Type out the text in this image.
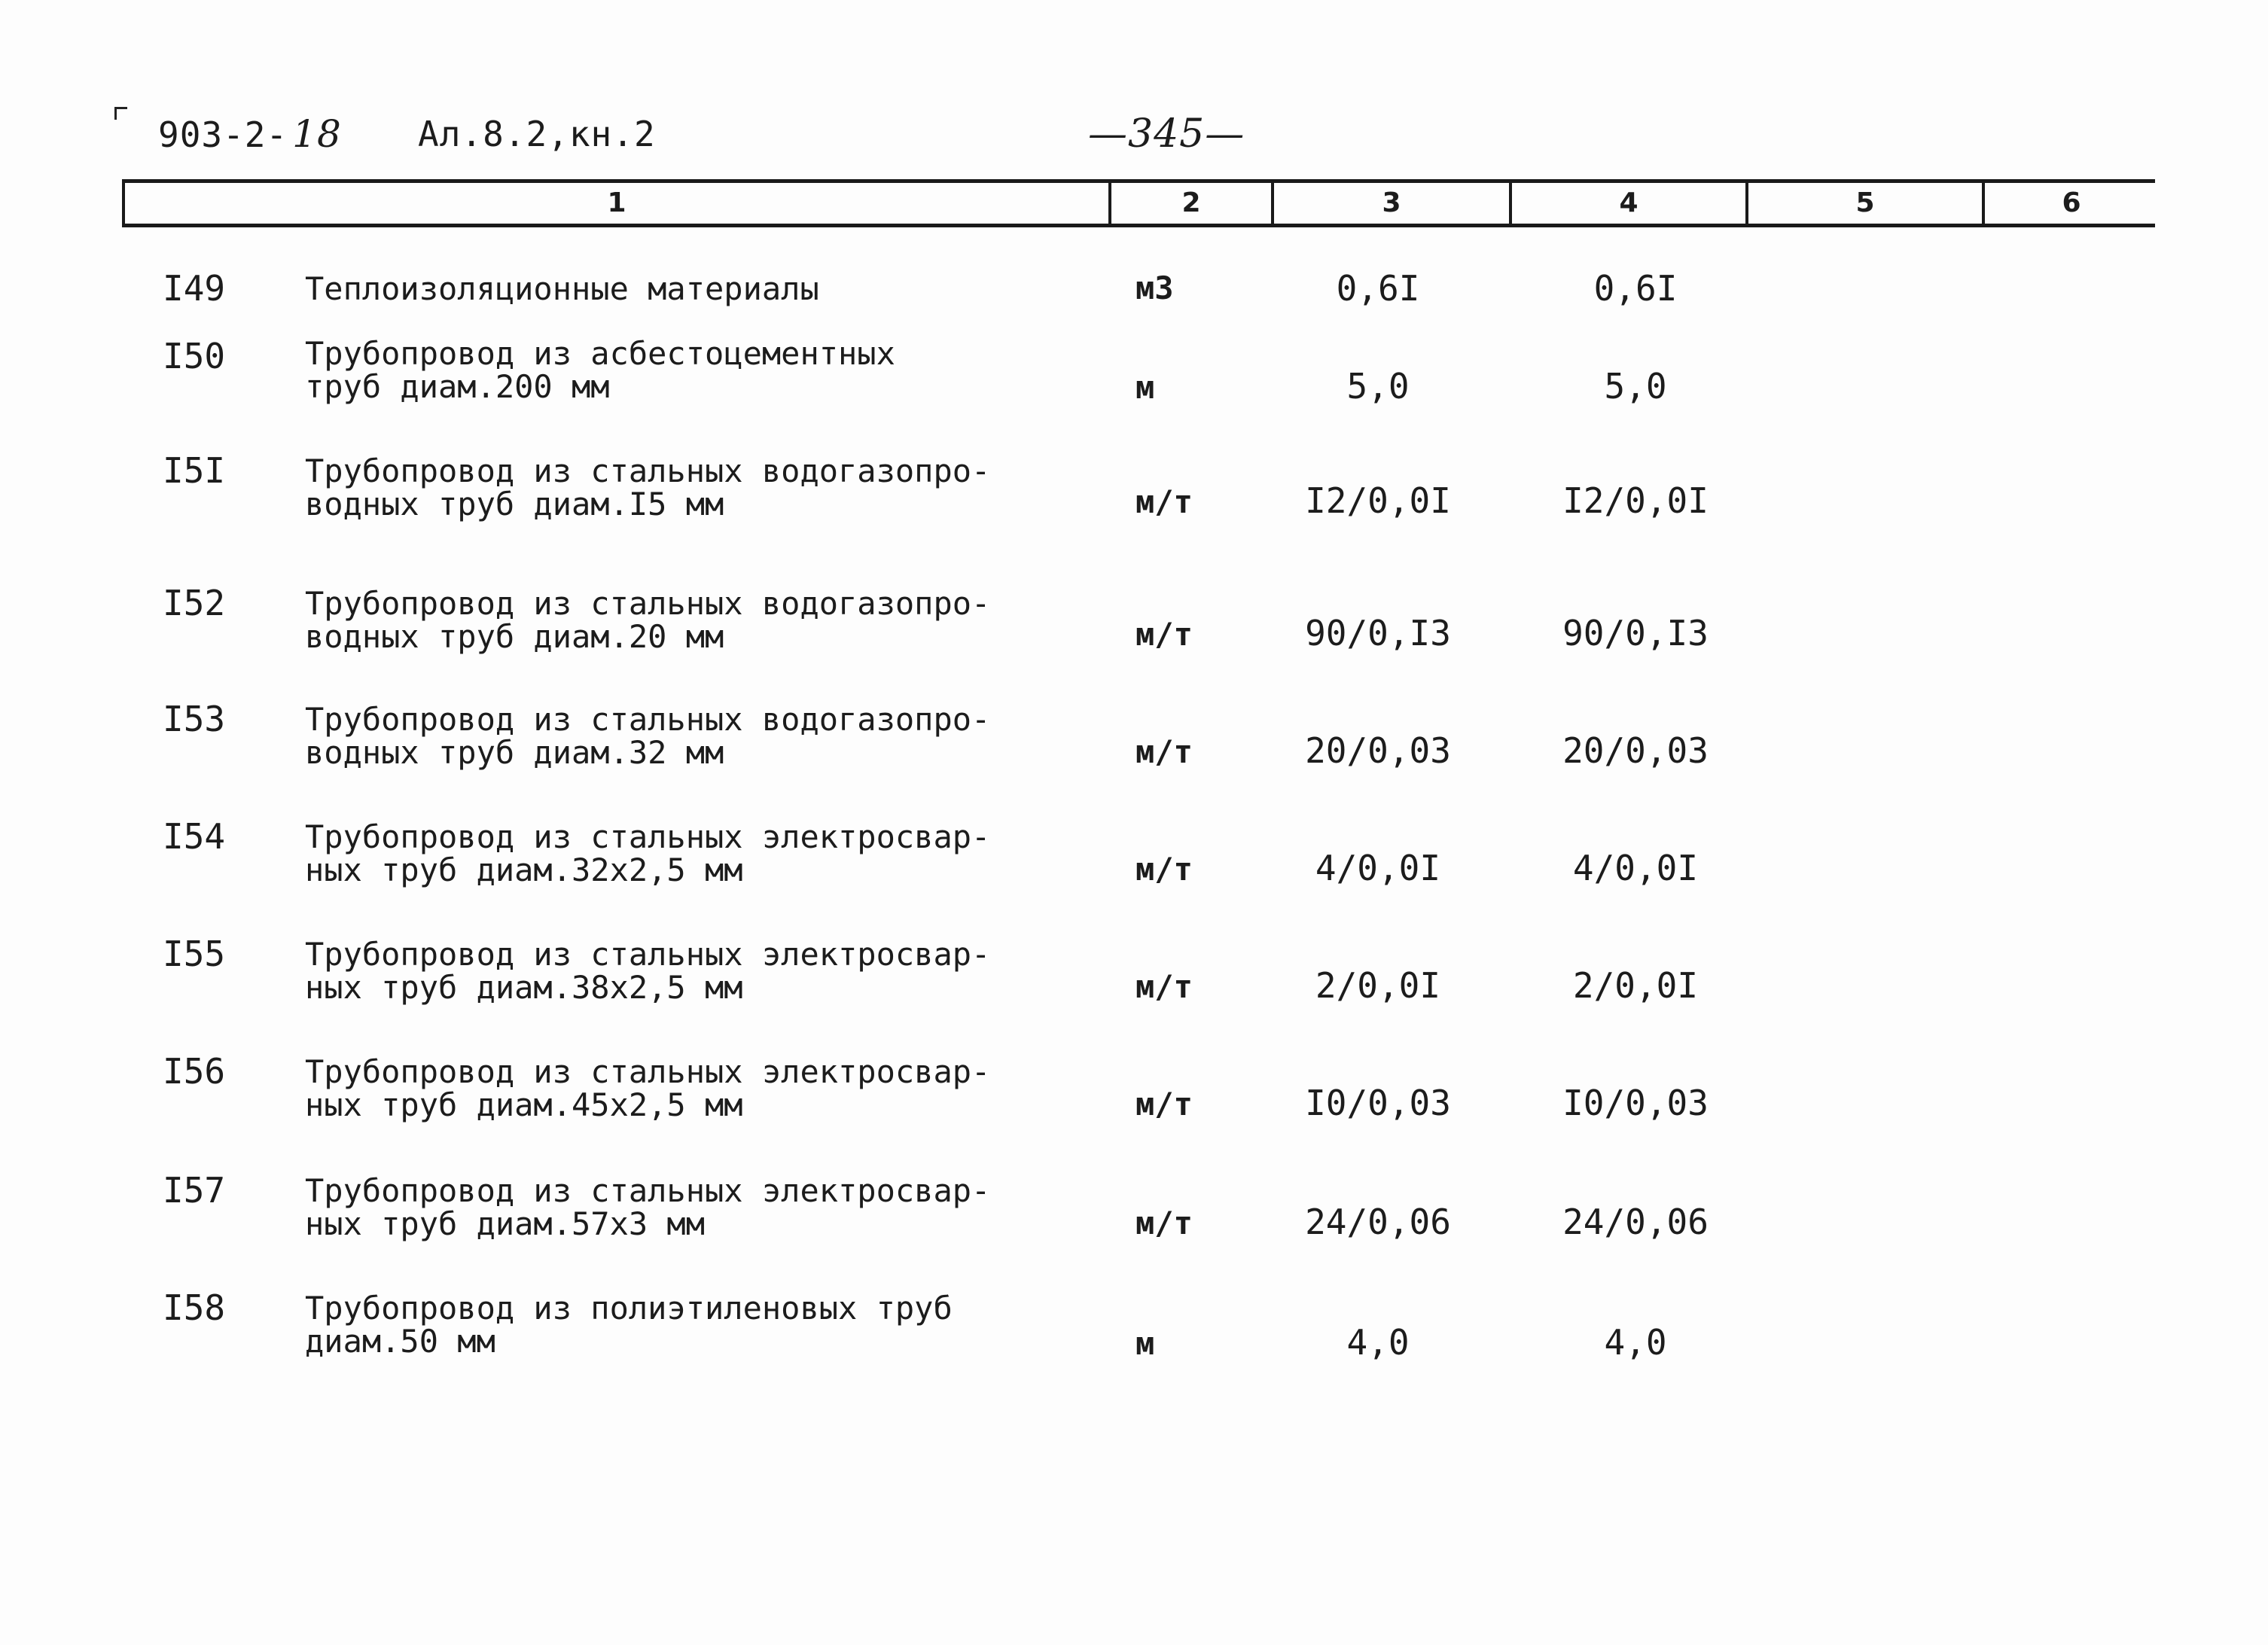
903-2- 18 Ал.8.2,кн.2	—345—
1	2	3	4	5	6
I49	Теплоизоляционные материалы	м3	0,6I	0,6I
I50	Трубопровод из асбестоцементных
труб диам.200 мм	м	5,0	5,0
I5I	Трубопровод из стальных водогазопро-
водных труб диам.I5 мм	м/т	I2/0,0I	I2/0,0I
I52	Трубопровод из стальных водогазопро-
водных труб диам.20 мм	м/т	90/0,I3	90/0,I3
I53	Трубопровод из стальных водогазопро-
водных труб диам.32 мм	м/т	20/0,03	20/0,03
I54	Трубопровод из стальных электросвар-
ных труб диам.32х2,5 мм	м/т	4/0,0I	4/0,0I
I55	Трубопровод из стальных электросвар-
ных труб диам.38х2,5 мм	м/т	2/0,0I	2/0,0I
I56	Трубопровод из стальных электросвар-
ных труб диам.45х2,5 мм	м/т	I0/0,03	I0/0,03
I57	Трубопровод из стальных электросвар-
ных труб диам.57х3 мм	м/т	24/0,06	24/0,06
I58	Трубопровод из полиэтиленовых труб
диам.50 мм	м	4,0	4,0
